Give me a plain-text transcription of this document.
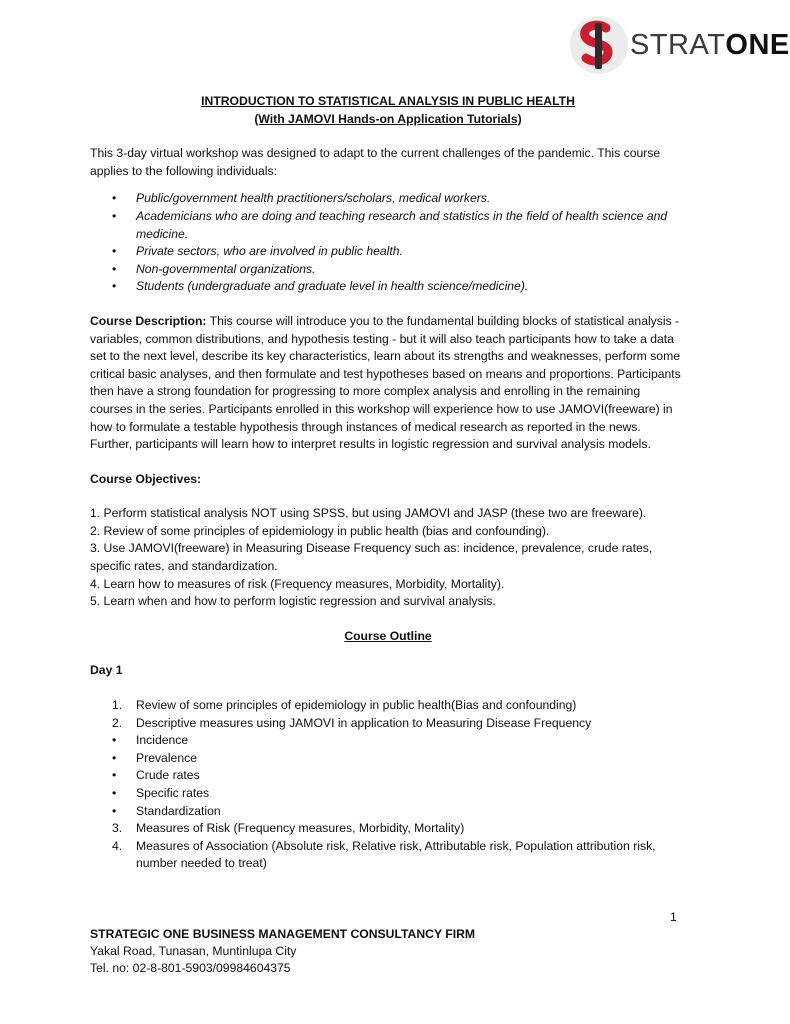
STRATONE

INTRODUCTION TO STATISTICAL ANALYSIS IN PUBLIC HEALTH

(With JAMOVI Hands-on Application Tutorials)

This 3-day virtual workshop was designed to adapt to the current challenges of the pandemic. This course applies to the following individuals:

• Public/government health practitioners/scholars, medical workers.
• Academicians who are doing and teaching research and statistics in the field of health science and medicine.
• Private sectors, who are involved in public health.
• Non-governmental organizations.
• Students (undergraduate and graduate level in health science/medicine).

Course Description: This course will introduce you to the fundamental building blocks of statistical analysis - variables, common distributions, and hypothesis testing - but it will also teach participants how to take a data set to the next level, describe its key characteristics, learn about its strengths and weaknesses, perform some critical basic analyses, and then formulate and test hypotheses based on means and proportions. Participants then have a strong foundation for progressing to more complex analysis and enrolling in the remaining courses in the series. Participants enrolled in this workshop will experience how to use JAMOVI(freeware) in how to formulate a testable hypothesis through instances of medical research as reported in the news. Further, participants will learn how to interpret results in logistic regression and survival analysis models.

Course Objectives:

1. Perform statistical analysis NOT using SPSS, but using JAMOVI and JASP (these two are freeware).

2. Review of some principles of epidemiology in public health (bias and confounding).

3. Use JAMOVI(freeware) in Measuring Disease Frequency such as: incidence, prevalence, crude rates, specific rates, and standardization.

4. Learn how to measures of risk (Frequency measures, Morbidity, Mortality).

5. Learn when and how to perform logistic regression and survival analysis.

Course Outline

Day 1

1. Review of some principles of epidemiology in public health(Bias and confounding)
2. Descriptive measures using JAMOVI in application to Measuring Disease Frequency
• Incidence
• Prevalence
• Crude rates
• Specific rates
• Standardization
3. Measures of Risk (Frequency measures, Morbidity, Mortality)
4. Measures of Association (Absolute risk, Relative risk, Attributable risk, Population attribution risk, number needed to treat)
1

STRATEGIC ONE BUSINESS MANAGEMENT CONSULTANCY FIRM

Yakal Road, Tunasan, Muntinlupa City

Tel. no: 02-8-801-5903/09984604375
